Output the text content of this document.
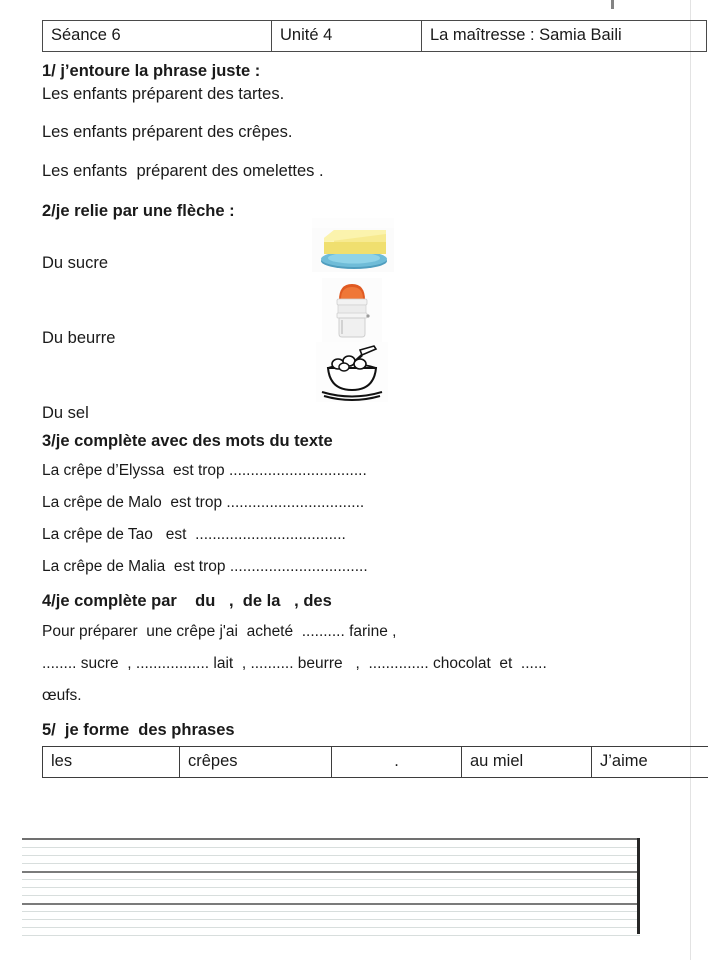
Séance 6	Unité 4	La maîtresse : Samia Baili
1/ j’entoure la phrase juste :
Les enfants préparent des tartes.
Les enfants préparent des crêpes.
Les enfants  préparent des omelettes .
2/je relie par une flèche :
Du sucre
Du beurre
Du sel
3/je complète avec des mots du texte
La crêpe d’Elyssa  est trop ................................
La crêpe de Malo  est trop ................................
La crêpe de Tao   est  ...................................
La crêpe de Malia  est trop ................................
4/je complète par    du   ,  de la   , des
Pour préparer  une crêpe j'ai  acheté  .......... farine ,
........ sucre  , ................. lait  , .......... beurre   ,  .............. chocolat  et  ......
œufs.
5/  je forme  des phrases
les	crêpes	.	au miel	J’aime
